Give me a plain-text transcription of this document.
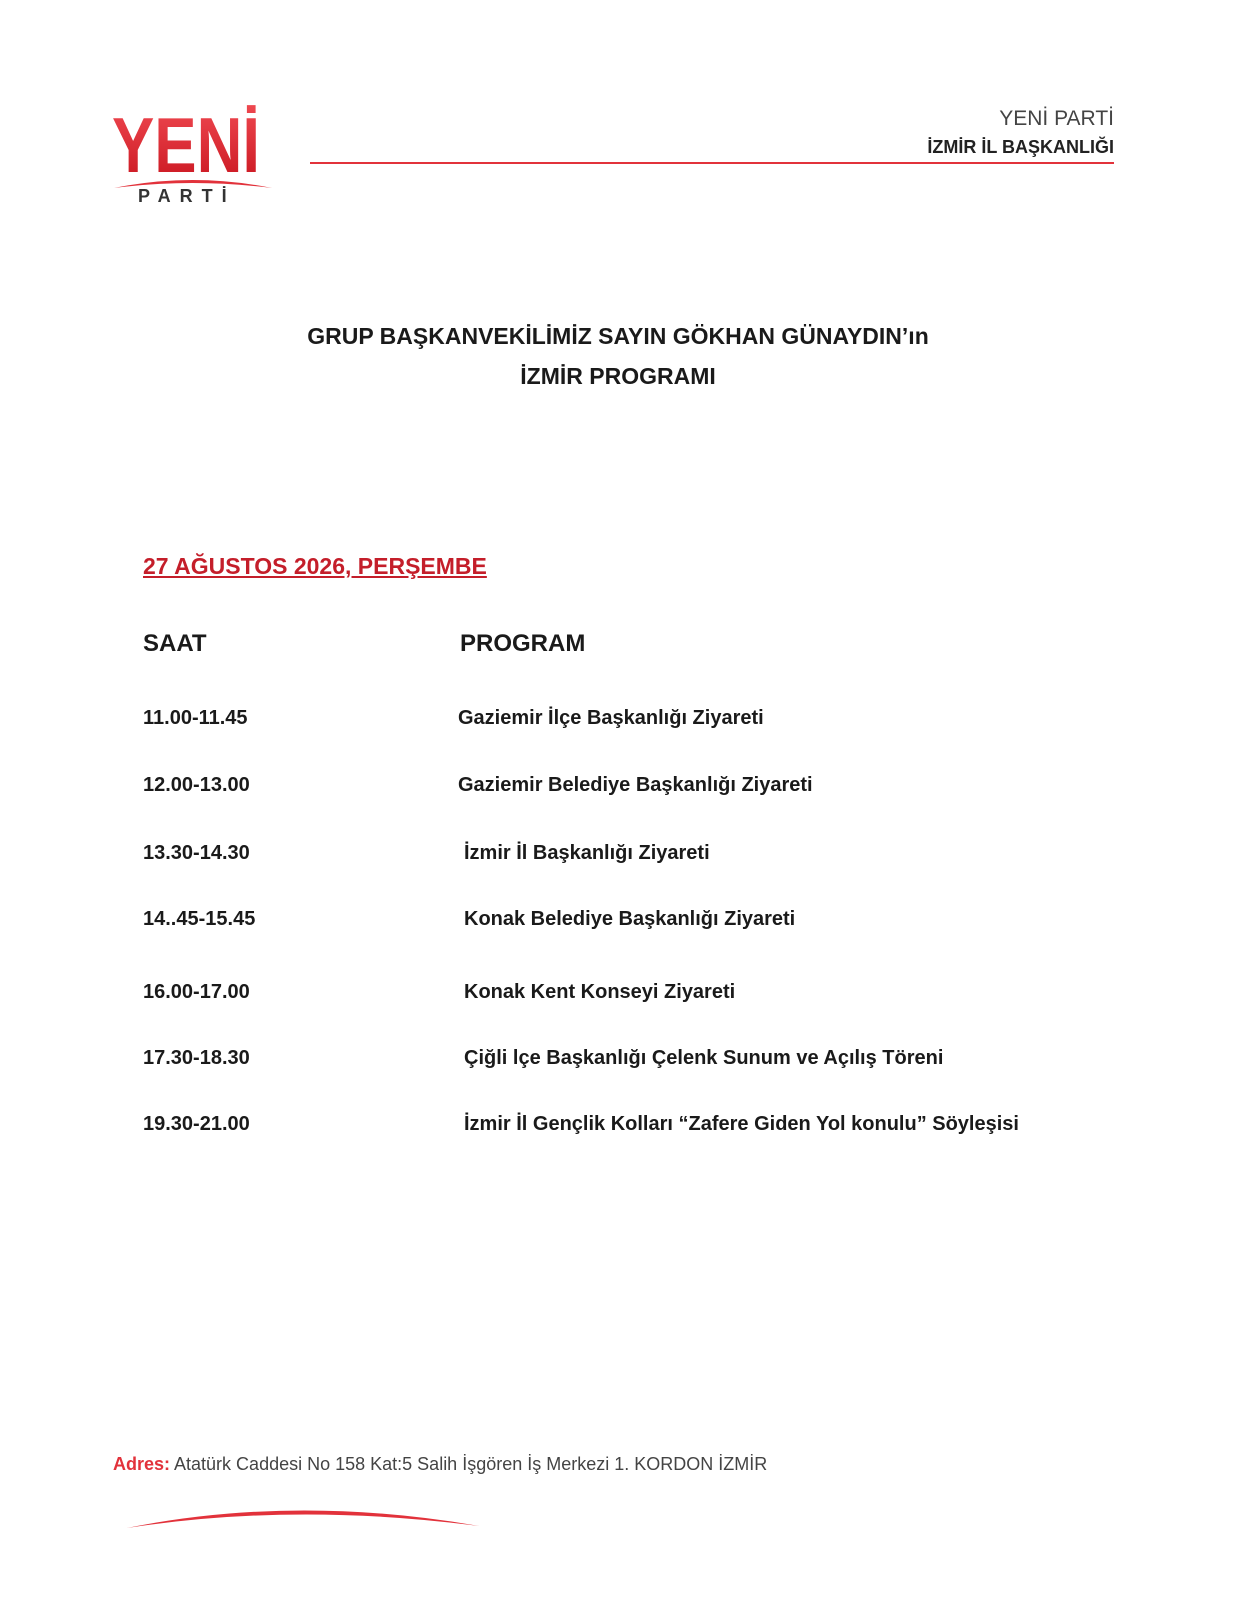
YENİ
PARTİ
YENİ PARTİ
İZMİR İL BAŞKANLIĞI
GRUP BAŞKANVEKİLİMİZ SAYIN GÖKHAN GÜNAYDIN’ın
İZMİR PROGRAMI
27 AĞUSTOS 2026, PERŞEMBE
SAAT	PROGRAM
11.00-11.45	Gaziemir İlçe Başkanlığı Ziyareti
12.00-13.00	Gaziemir Belediye Başkanlığı Ziyareti
13.30-14.30	İzmir İl Başkanlığı Ziyareti
14..45-15.45	Konak Belediye Başkanlığı Ziyareti
16.00-17.00	Konak Kent Konseyi Ziyareti
17.30-18.30	Çiğli lçe Başkanlığı Çelenk Sunum ve Açılış Töreni
19.30-21.00	İzmir İl Gençlik Kolları “Zafere Giden Yol konulu” Söyleşisi
Adres: Atatürk Caddesi No 158 Kat:5 Salih İşgören İş Merkezi 1. KORDON İZMİR
